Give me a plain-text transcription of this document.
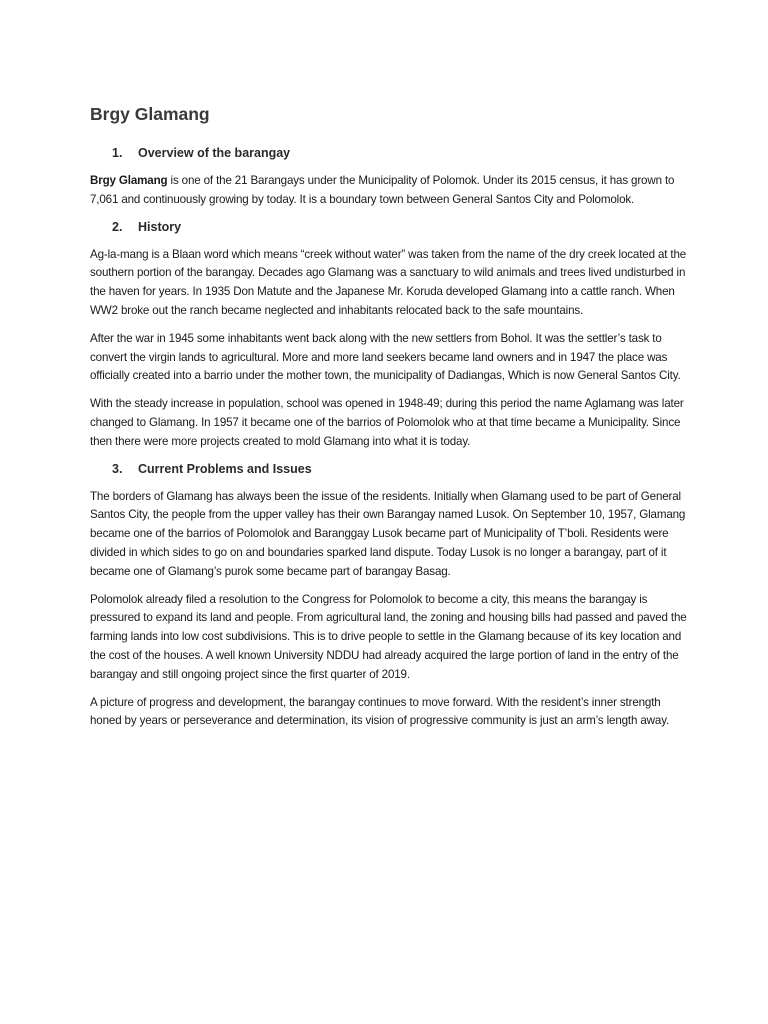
Brgy Glamang
1.	Overview of the barangay

Brgy Glamang is one of the 21 Barangays under the Municipality of Polomok. Under its 2015 census, it has grown to 7,061 and continuously growing by today. It is a boundary town between General Santos City and Polomolok.

2.	History

Ag-la-mang is a Blaan word which means “creek without water” was taken from the name of the dry creek located at the southern portion of the barangay. Decades ago Glamang was a sanctuary to wild animals and trees lived undisturbed in the haven for years. In 1935 Don Matute and the Japanese Mr. Koruda developed Glamang into a cattle ranch. When WW2 broke out the ranch became neglected and inhabitants relocated back to the safe mountains.

After the war in 1945 some inhabitants went back along with the new settlers from Bohol. It was the settler’s task to convert the virgin lands to agricultural. More and more land seekers became land owners and in 1947 the place was officially created into a barrio under the mother town, the municipality of Dadiangas, Which is now General Santos City.

With the steady increase in population, school was opened in 1948-49; during this period the name Aglamang was later changed to Glamang. In 1957 it became one of the barrios of Polomolok who at that time became a Municipality. Since then there were more projects created to mold Glamang into what it is today.

3.	Current Problems and Issues

The borders of Glamang has always been the issue of the residents. Initially when Glamang used to be part of General Santos City, the people from the upper valley has their own Barangay named Lusok. On September 10, 1957, Glamang became one of the barrios of Polomolok and Baranggay Lusok became part of Municipality of T’boli. Residents were divided in which sides to go on and boundaries sparked land dispute. Today Lusok is no longer a barangay, part of it became one of Glamang’s purok some became part of barangay Basag.

Polomolok already filed a resolution to the Congress for Polomolok to become a city, this means the barangay is pressured to expand its land and people. From agricultural land, the zoning and housing bills had passed and paved the farming lands into low cost subdivisions. This is to drive people to settle in the Glamang because of its key location and the cost of the houses. A well known University NDDU had already acquired the large portion of land in the entry of the barangay and still ongoing project since the first quarter of 2019.

A picture of progress and development, the barangay continues to move forward. With the resident’s inner strength honed by years or perseverance and determination, its vision of progressive community is just an arm’s length away.
